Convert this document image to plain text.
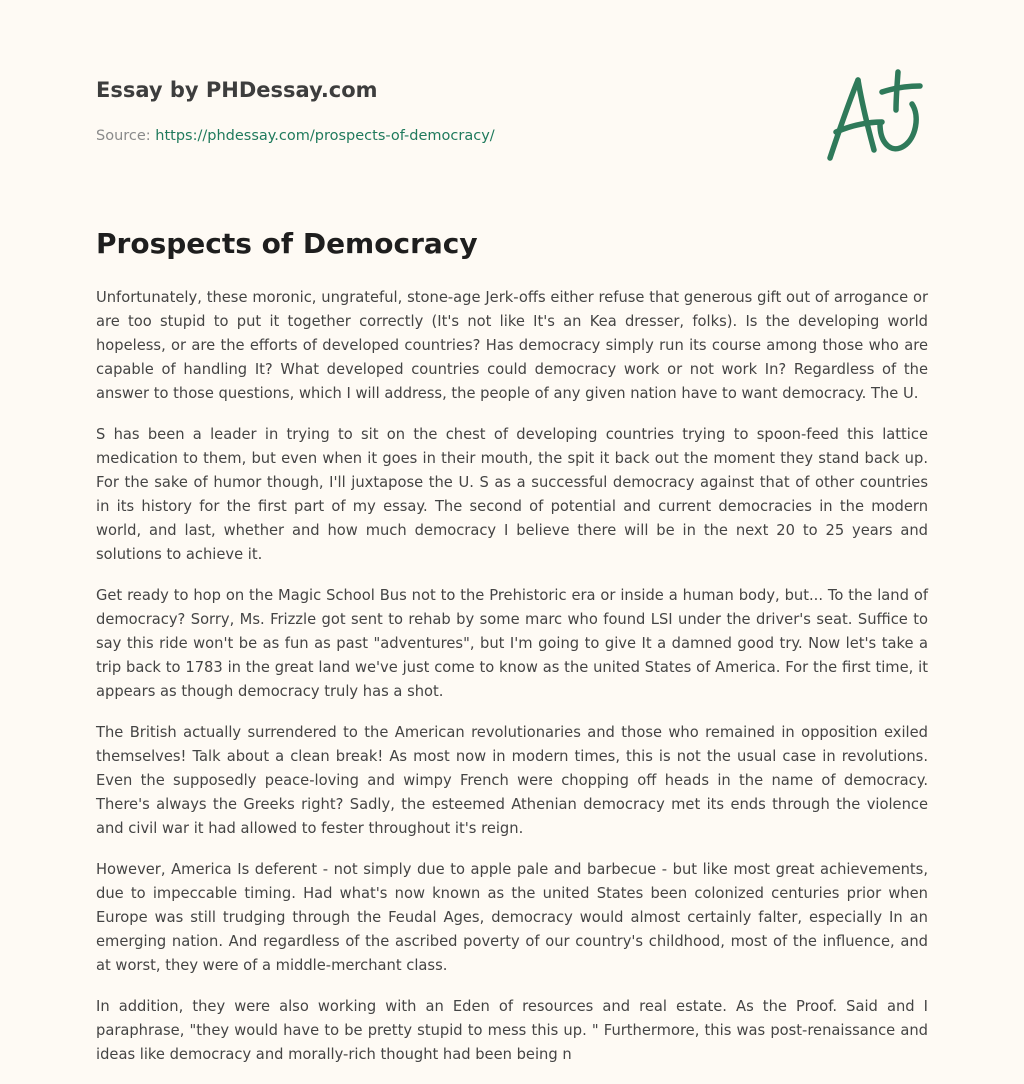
Essay by PHDessay.com
Source: https://phdessay.com/prospects-of-democracy/
Prospects of Democracy

Unfortunately, these moronic, ungrateful, stone-age Jerk-offs either refuse that generous gift out of arrogance or are too stupid to put it together correctly (It's not like It's an Kea dresser, folks). Is the developing world hopeless, or are the efforts of developed countries? Has democracy simply run its course among those who are capable of handling It? What developed countries could democracy work or not work In? Regardless of the answer to those questions, which I will address, the people of any given nation have to want democracy. The U.

S has been a leader in trying to sit on the chest of developing countries trying to spoon-feed this lattice medication to them, but even when it goes in their mouth, the spit it back out the moment they stand back up. For the sake of humor though, I'll juxtapose the U. S as a successful democracy against that of other countries in its history for the first part of my essay. The second of potential and current democracies in the modern world, and last, whether and how much democracy I believe there will be in the next 20 to 25 years and solutions to achieve it.

Get ready to hop on the Magic School Bus not to the Prehistoric era or inside a human body, but... To the land of democracy? Sorry, Ms. Frizzle got sent to rehab by some marc who found LSI under the driver's seat. Suffice to say this ride won't be as fun as past "adventures", but I'm going to give It a damned good try. Now let's take a trip back to 1783 in the great land we've just come to know as the united States of America. For the first time, it appears as though democracy truly has a shot.

The British actually surrendered to the American revolutionaries and those who remained in opposition exiled themselves! Talk about a clean break! As most now in modern times, this is not the usual case in revolutions. Even the supposedly peace-loving and wimpy French were chopping off heads in the name of democracy. There's always the Greeks right? Sadly, the esteemed Athenian democracy met its ends through the violence and civil war it had allowed to fester throughout it's reign.

However, America Is deferent - not simply due to apple pale and barbecue - but like most great achievements, due to impeccable timing. Had what's now known as the united States been colonized centuries prior when Europe was still trudging through the Feudal Ages, democracy would almost certainly falter, especially In an emerging nation. And regardless of the ascribed poverty of our country's childhood, most of the influence, and at worst, they were of a middle-merchant class.

In addition, they were also working with an Eden of resources and real estate. As the Proof. Said and I paraphrase, "they would have to be pretty stupid to mess this up. " Furthermore, this was post-renaissance and ideas like democracy and morally-rich thought had been being n
